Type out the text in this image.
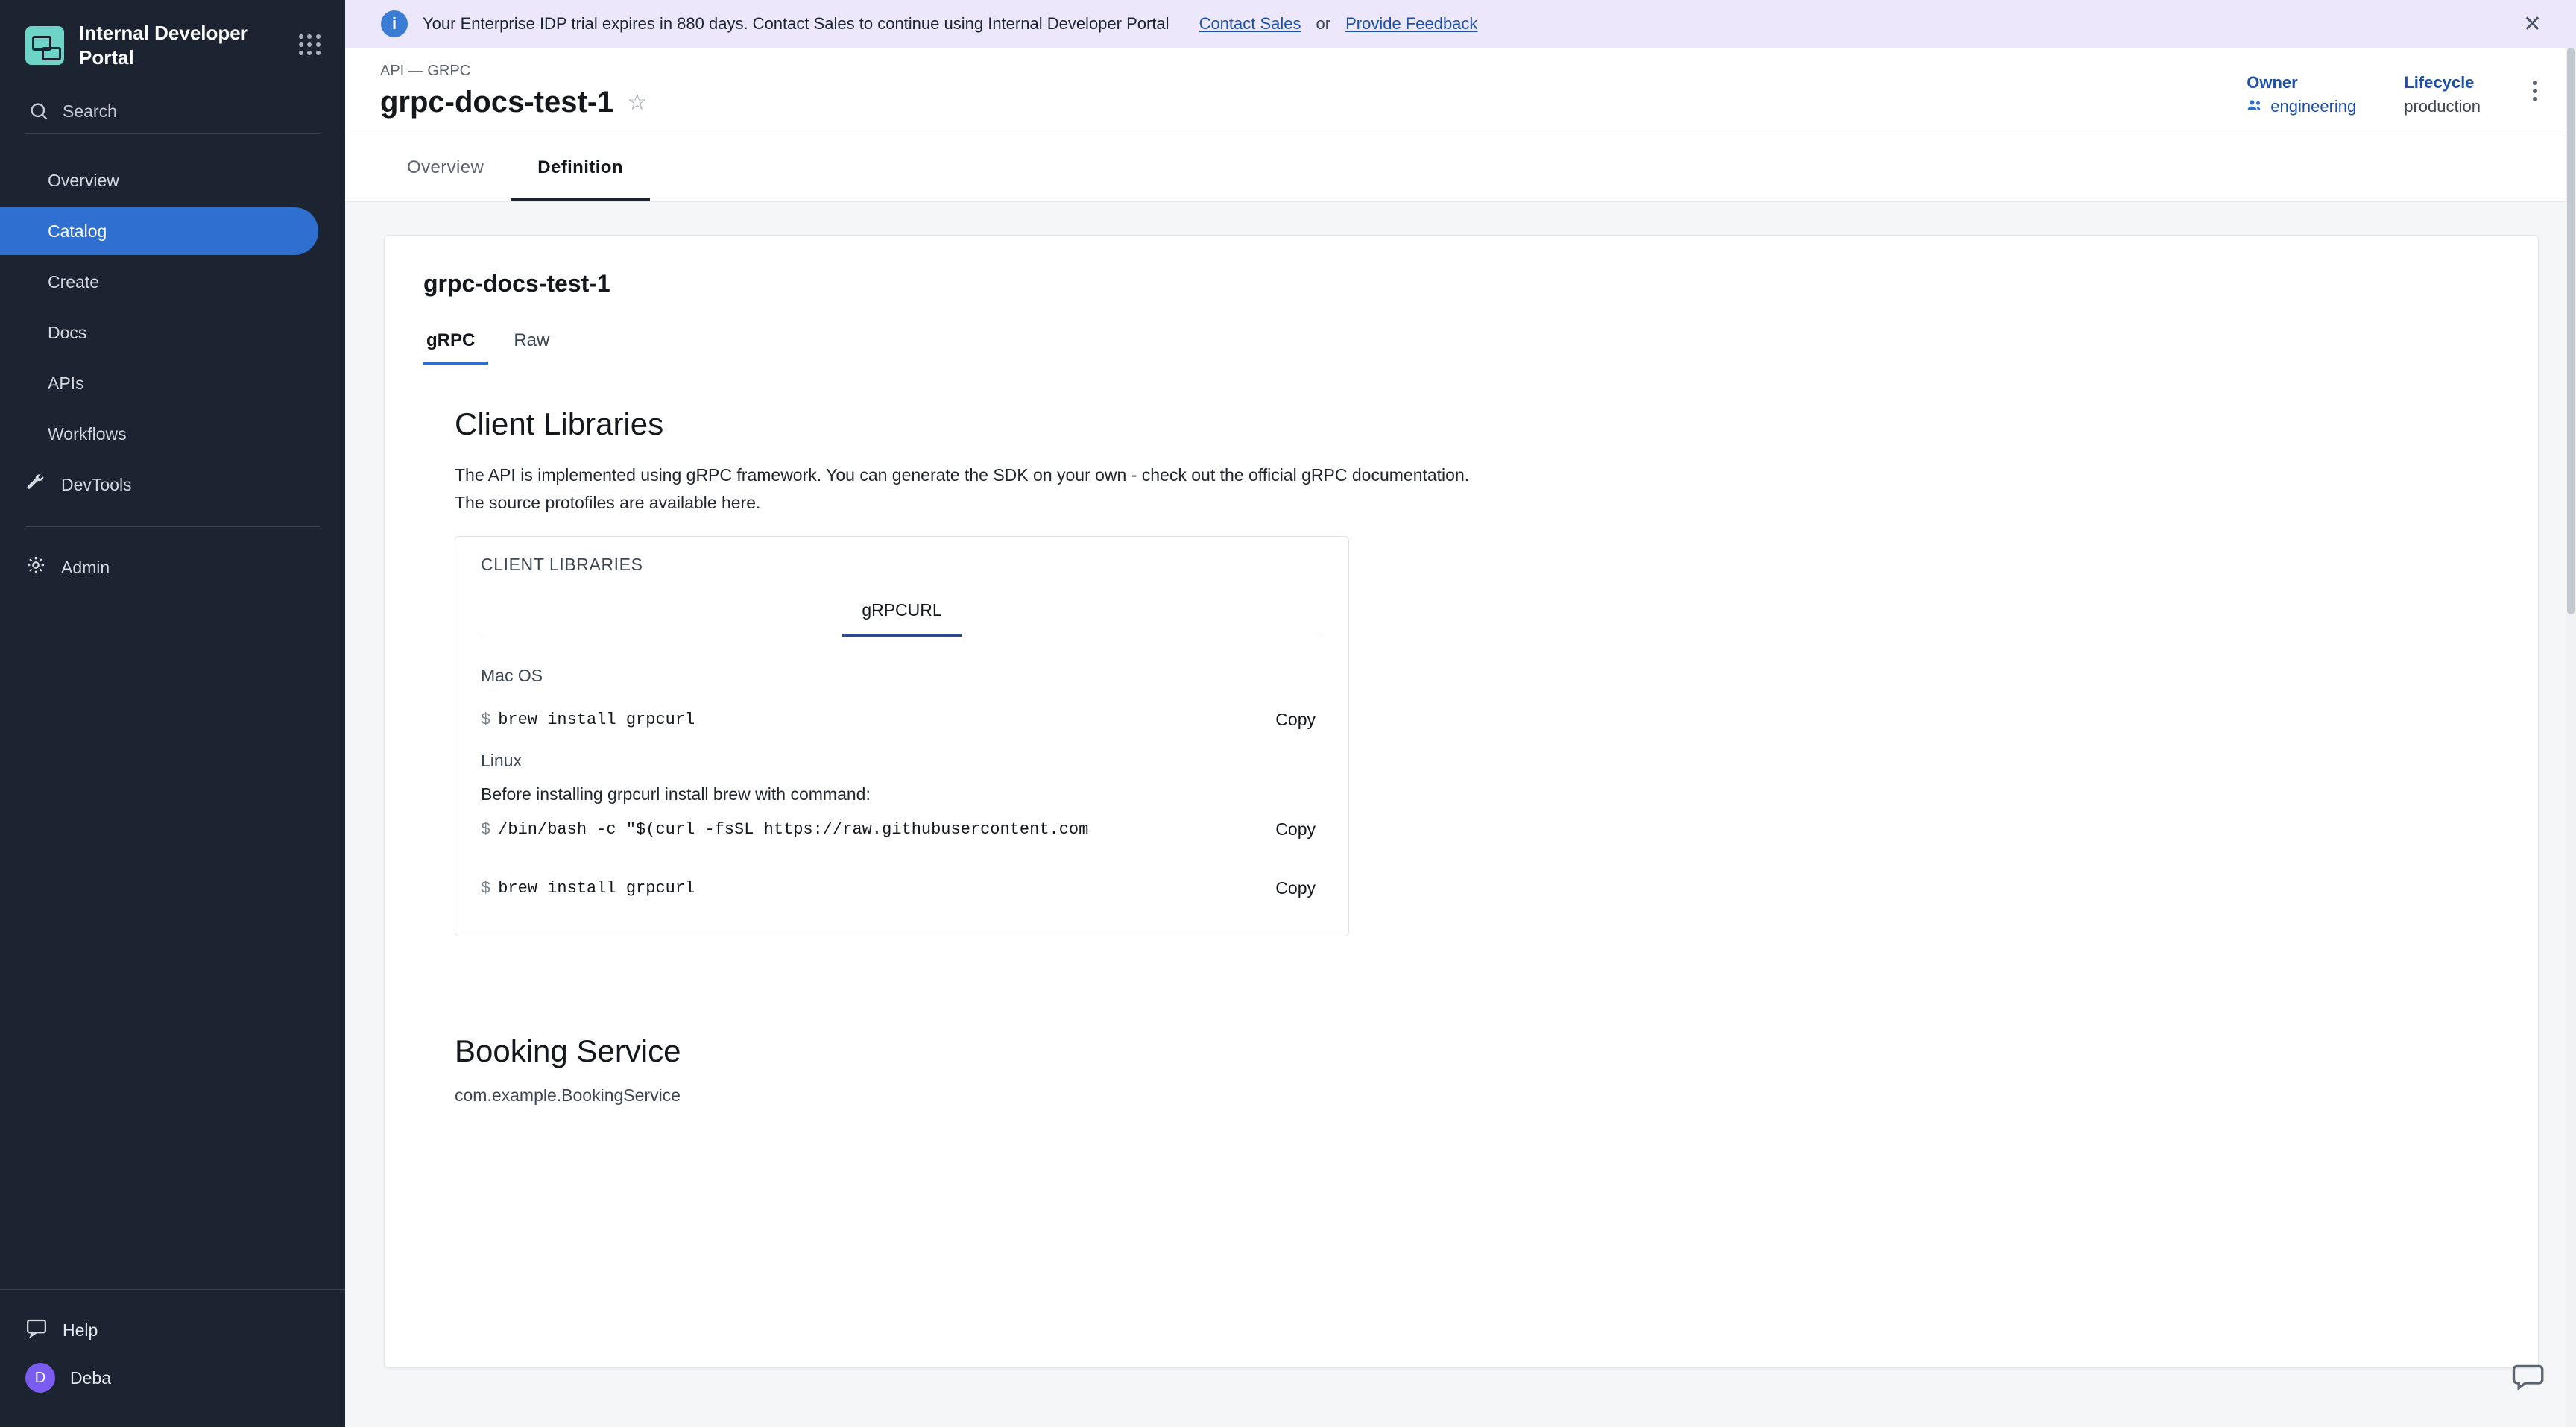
Internal Developer Portal
Search
Overview
Catalog
Create
Docs
APIs
Workflows
DevTools
Admin
Help
D	Deba
i	Your Enterprise IDP trial expires in 880 days. Contact Sales to continue using Internal Developer Portal Contact Sales or Provide Feedback	✕
API — GRPC
grpc-docs-test-1 ☆
Owner
engineering
Lifecycle
production
Overview	Definition
grpc-docs-test-1
gRPC	Raw
Client Libraries
The API is implemented using gRPC framework. You can generate the SDK on your own - check out the official gRPC documentation.
The source protofiles are available here.
CLIENT LIBRARIES
gRPCURL
Mac OS
$ brew install grpcurl	Copy
Linux
Before installing grpcurl install brew with command:
$ /bin/bash -c "$(curl -fsSL https://raw.githubusercontent.com	Copy
$ brew install grpcurl	Copy
Booking Service
com.example.BookingService
